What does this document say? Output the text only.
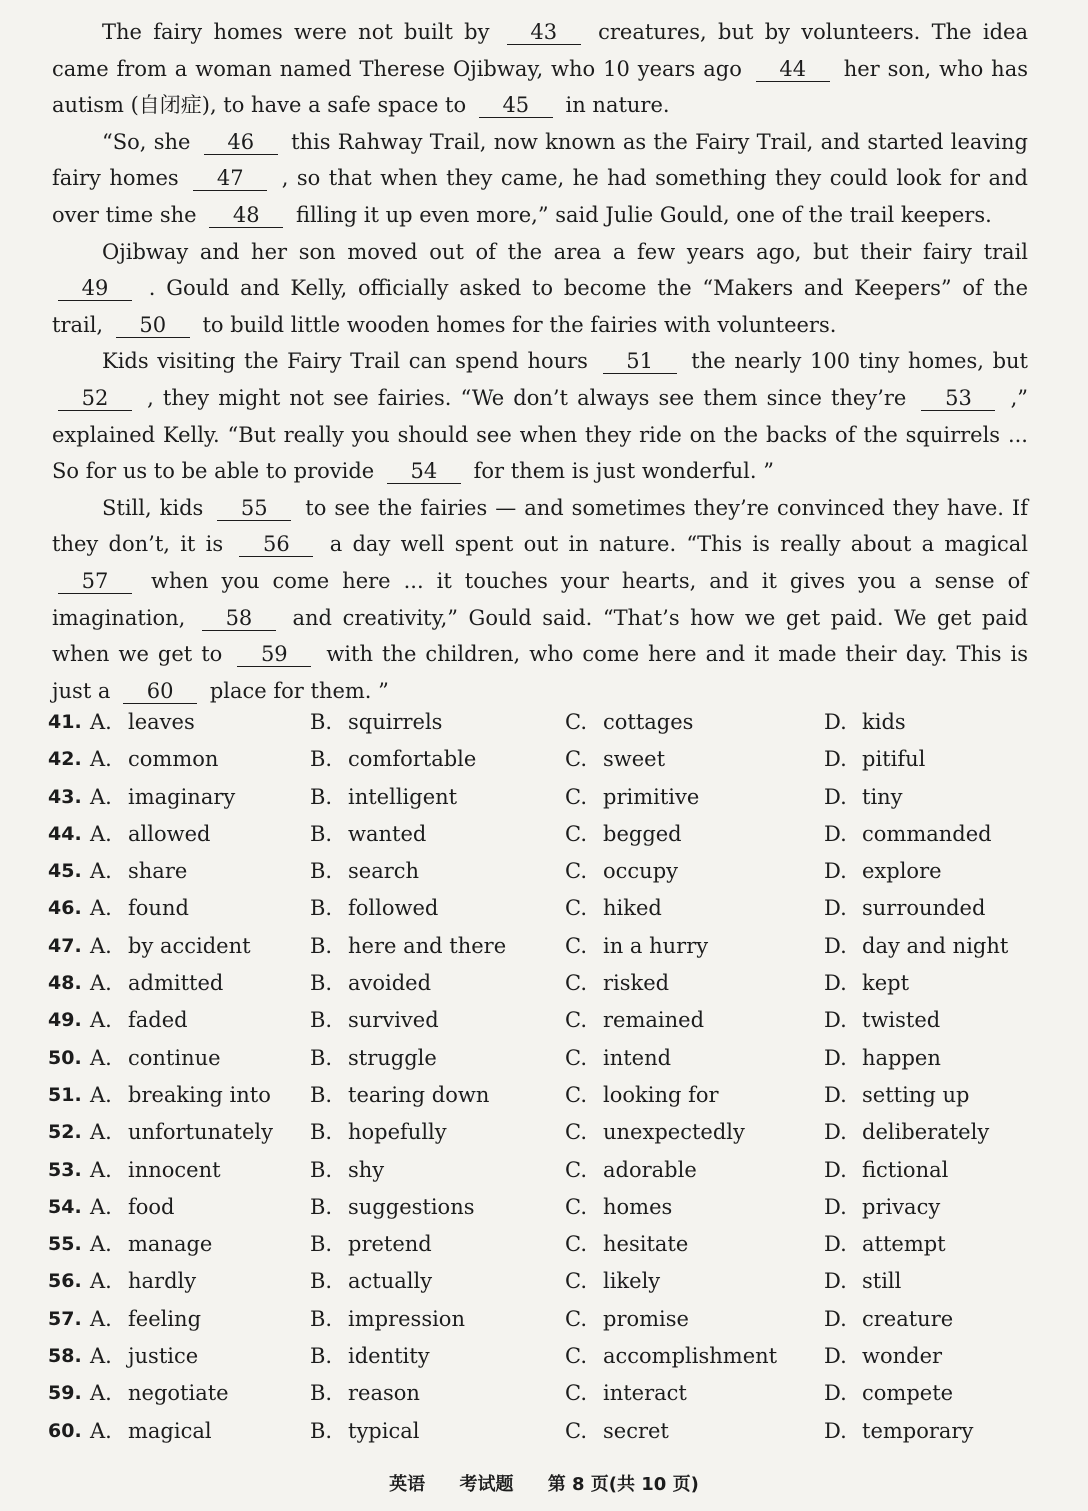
The fairy homes were not built by 43 creatures, but by volunteers. The idea came from a woman named Therese Ojibway, who 10 years ago 44 her son, who has autism (自闭症), to have a safe space to 45 in nature.

“So, she 46 this Rahway Trail, now known as the Fairy Trail, and started leaving fairy homes 47 , so that when they came, he had something they could look for and over time she 48 filling it up even more,” said Julie Gould, one of the trail keepers.

Ojibway and her son moved out of the area a few years ago, but their fairy trail 49 . Gould and Kelly, officially asked to become the “Makers and Keepers” of the trail, 50 to build little wooden homes for the fairies with volunteers.

Kids visiting the Fairy Trail can spend hours 51 the nearly 100 tiny homes, but 52 , they might not see fairies. “We don’t always see them since they’re 53 ,” explained Kelly. “But really you should see when they ride on the backs of the squirrels ... So for us to be able to provide 54 for them is just wonderful. ”

Still, kids 55 to see the fairies — and sometimes they’re convinced they have. If they don’t, it is 56 a day well spent out in nature. “This is really about a magical 57 when you come here ... it touches your hearts, and it gives you a sense of imagination, 58 and creativity,” Gould said. “That’s how we get paid. We get paid when we get to 59 with the children, who come here and it made their day. This is just a 60 place for them. ”

41. A. leaves	B. squirrels	C. cottages	D. kids
42. A. common	B. comfortable	C. sweet	D. pitiful
43. A. imaginary	B. intelligent	C. primitive	D. tiny
44. A. allowed	B. wanted	C. begged	D. commanded
45. A. share	B. search	C. occupy	D. explore
46. A. found	B. followed	C. hiked	D. surrounded
47. A. by accident	B. here and there	C. in a hurry	D. day and night
48. A. admitted	B. avoided	C. risked	D. kept
49. A. faded	B. survived	C. remained	D. twisted
50. A. continue	B. struggle	C. intend	D. happen
51. A. breaking into B. tearing down	C. looking for	D. setting up
52. A. unfortunately B. hopefully	C. unexpectedly	D. deliberately
53. A. innocent	B. shy	C. adorable	D. fictional
54. A. food	B. suggestions	C. homes	D. privacy
55. A. manage	B. pretend	C. hesitate	D. attempt
56. A. hardly	B. actually	C. likely	D. still
57. A. feeling	B. impression	C. promise	D. creature
58. A. justice	B. identity	C. accomplishment D. wonder
59. A. negotiate	B. reason	C. interact	D. compete
60. A. magical	B. typical	C. secret	D. temporary
英语 考试题 第 8 页(共 10 页)
